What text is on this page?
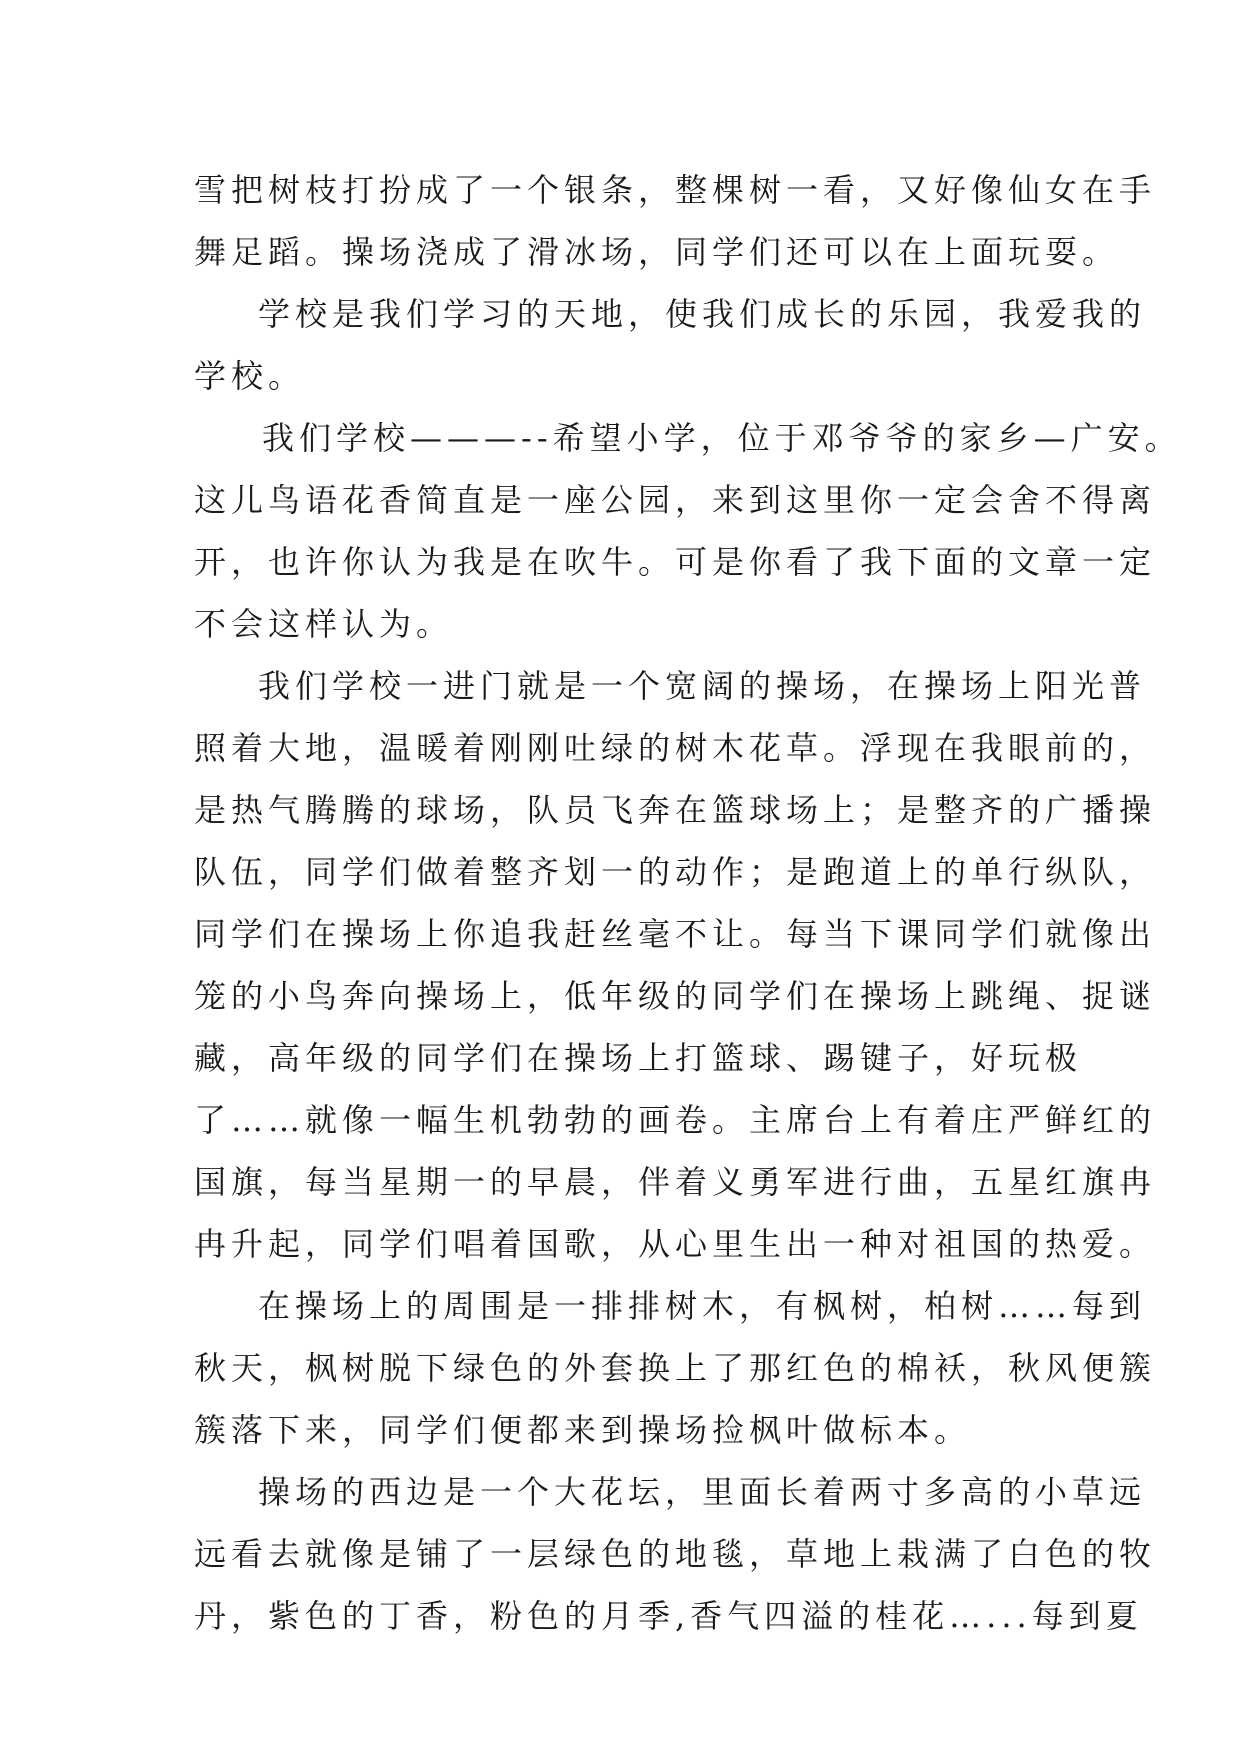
雪把树枝打扮成了一个银条，整棵树一看，又好像仙女在手
舞足蹈。操场浇成了滑冰场，同学们还可以在上面玩耍。
学校是我们学习的天地，使我们成长的乐园，我爱我的
学校。
我们学校———--希望小学，位于邓爷爷的家乡—广安。
这儿鸟语花香简直是一座公园，来到这里你一定会舍不得离
开，也许你认为我是在吹牛。可是你看了我下面的文章一定
不会这样认为。
我们学校一进门就是一个宽阔的操场，在操场上阳光普
照着大地，温暖着刚刚吐绿的树木花草。浮现在我眼前的，
是热气腾腾的球场，队员飞奔在篮球场上；是整齐的广播操
队伍，同学们做着整齐划一的动作；是跑道上的单行纵队，
同学们在操场上你追我赶丝毫不让。每当下课同学们就像出
笼的小鸟奔向操场上，低年级的同学们在操场上跳绳、捉谜
藏，高年级的同学们在操场上打篮球、踢键子，好玩极
了……就像一幅生机勃勃的画卷。主席台上有着庄严鲜红的
国旗，每当星期一的早晨，伴着义勇军进行曲，五星红旗冉
冉升起，同学们唱着国歌，从心里生出一种对祖国的热爱。
在操场上的周围是一排排树木，有枫树，柏树……每到
秋天，枫树脱下绿色的外套换上了那红色的棉袄，秋风便簇
簇落下来，同学们便都来到操场捡枫叶做标本。
操场的西边是一个大花坛，里面长着两寸多高的小草远
远看去就像是铺了一层绿色的地毯，草地上栽满了白色的牧
丹，紫色的丁香，粉色的月季,香气四溢的桂花…...每到夏
